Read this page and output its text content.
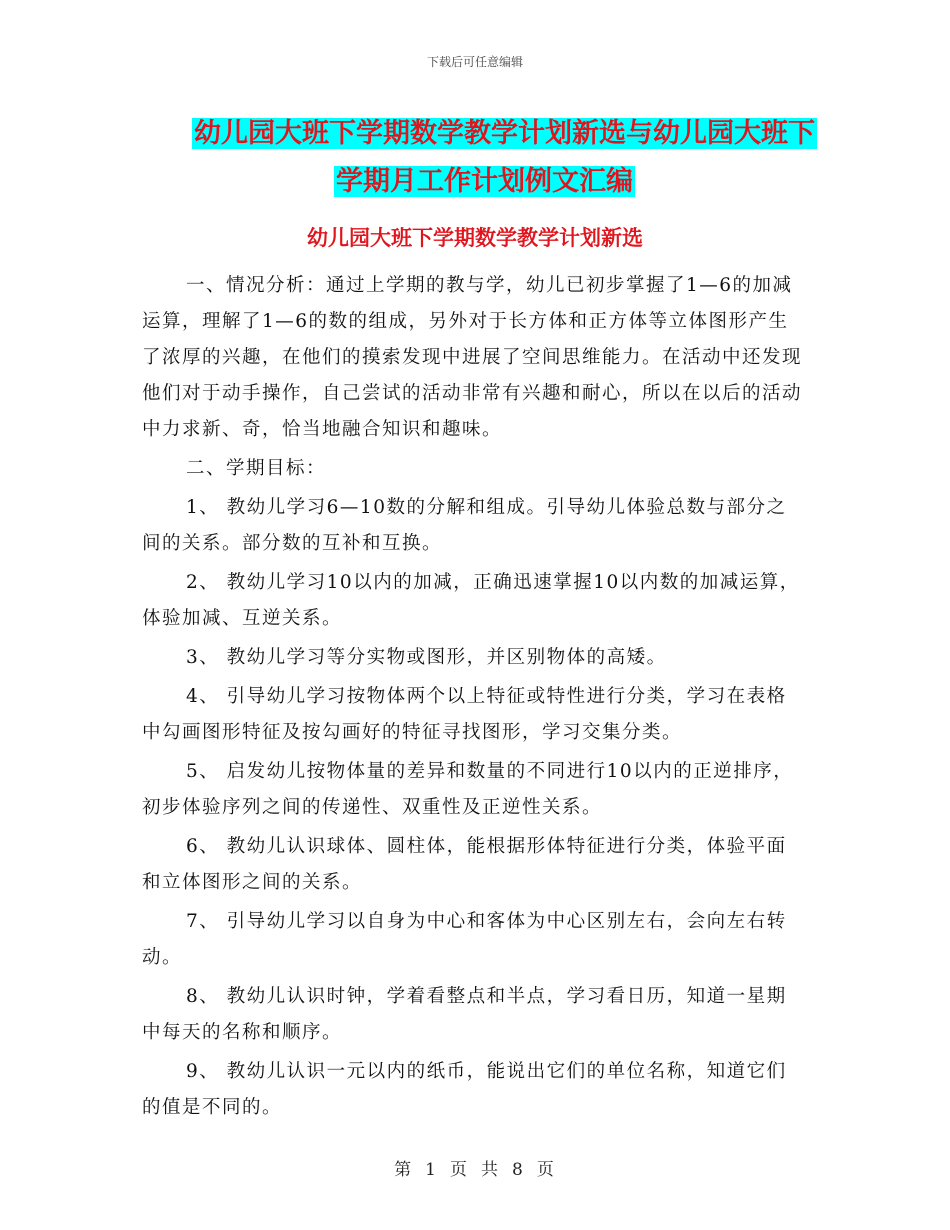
下载后可任意编辑
幼儿园大班下学期数学教学计划新选与幼儿园大班下
学期月工作计划例文汇编
幼儿园大班下学期数学教学计划新选

一、情况分析：通过上学期的教与学，幼儿已初步掌握了1—6的加减运算，理解了1—6的数的组成，另外对于长方体和正方体等立体图形产生了浓厚的兴趣，在他们的摸索发现中进展了空间思维能力。在活动中还发现他们对于动手操作，自己尝试的活动非常有兴趣和耐心，所以在以后的活动中力求新、奇，恰当地融合知识和趣味。

二、学期目标：

1、 教幼儿学习6—10数的分解和组成。引导幼儿体验总数与部分之间的关系。部分数的互补和互换。

2、 教幼儿学习10以内的加减，正确迅速掌握10以内数的加减运算，体验加减、互逆关系。

3、 教幼儿学习等分实物或图形，并区别物体的高矮。

4、 引导幼儿学习按物体两个以上特征或特性进行分类，学习在表格中勾画图形特征及按勾画好的特征寻找图形，学习交集分类。

5、 启发幼儿按物体量的差异和数量的不同进行10以内的正逆排序，初步体验序列之间的传递性、双重性及正逆性关系。

6、 教幼儿认识球体、圆柱体，能根据形体特征进行分类，体验平面和立体图形之间的关系。

7、 引导幼儿学习以自身为中心和客体为中心区别左右，会向左右转动。

8、 教幼儿认识时钟，学着看整点和半点，学习看日历，知道一星期中每天的名称和顺序。

9、 教幼儿认识一元以内的纸币，能说出它们的单位名称，知道它们的值是不同的。

第 1 页 共 8 页
